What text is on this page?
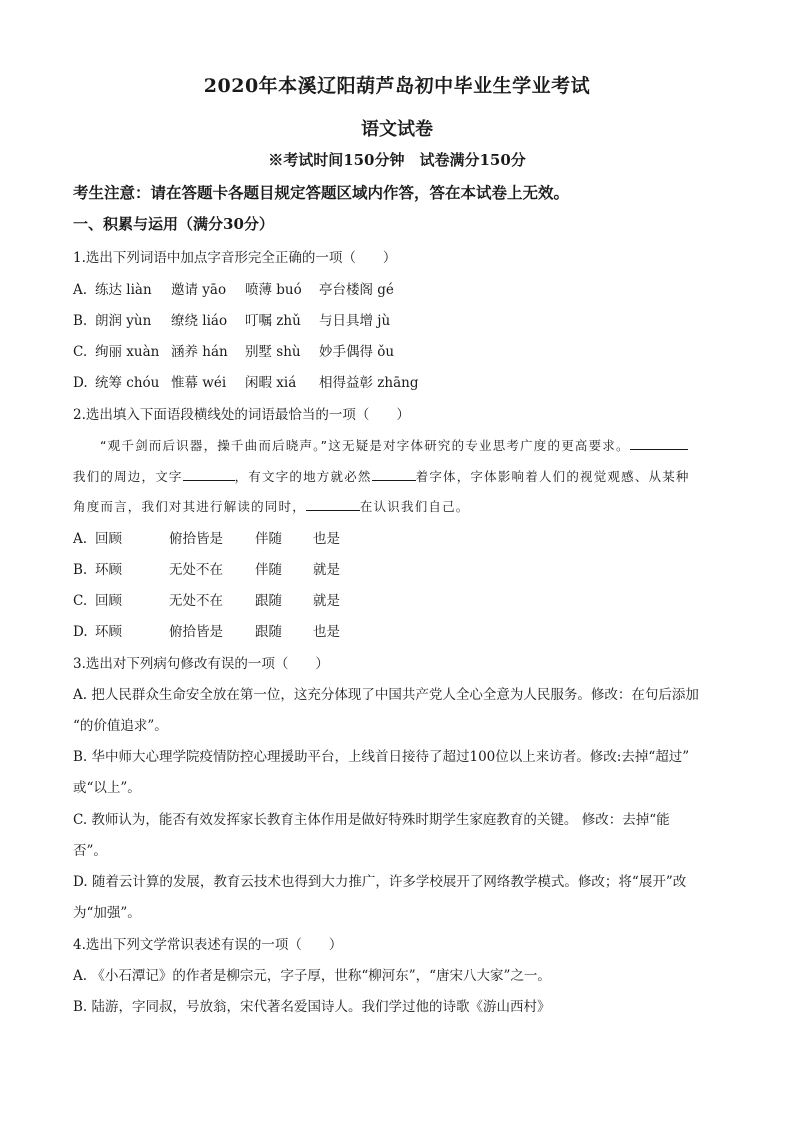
2020年本溪辽阳葫芦岛初中毕业生学业考试
语文试卷
※考试时间150分钟　试卷满分150分
考生注意：请在答题卡各题目规定答题区域内作答，答在本试卷上无效。
一、积累与运用（满分30分）
1.选出下列词语中加点字音形完全正确的一项（　　）
A. 练达 liàn 邀请 yāo 喷薄 buó 亭台楼阁 gé
B. 朗润 yùn 缭绕 liáo 叮嘱 zhǔ 与日具增 jù
C. 绚丽 xuàn 涵养 hán 别墅 shù 妙手偶得 ǒu
D. 统筹 chóu 惟幕 wéi 闲暇 xiá 相得益彰 zhāng
2.选出填入下面语段横线处的词语最恰当的一项（　　）
“观千剑而后识器，操千曲而后晓声。”这无疑是对字体研究的专业思考广度的更高要求。
我们的周边，文字	，有文字的地方就必然	着字体，字体影响着人们的视觉观感、从某种
角度而言，我们对其进行解读的同时，	在认识我们自己。
A. 回顾	俯拾皆是 伴随 也是
B. 环顾	无处不在 伴随 就是
C. 回顾	无处不在 跟随 就是
D. 环顾	俯拾皆是 跟随 也是
3.选出对下列病句修改有误的一项（　　）
A. 把人民群众生命安全放在第一位，这充分体现了中国共产党人全心全意为人民服务。修改：在句后添加
“的价值追求”。
B. 华中师大心理学院疫情防控心理援助平台，上线首日接待了超过100位以上来访者。修改:去掉“超过”
或“以上”。
C. 教师认为，能否有效发挥家长教育主体作用是做好特殊时期学生家庭教育的关键。 修改：去掉“能
否”。
D. 随着云计算的发展，教育云技术也得到大力推广，许多学校展开了网络教学模式。修改；将“展开”改
为“加强”。
4.选出下列文学常识表述有误的一项（　　）
A. 《小石潭记》的作者是柳宗元，字子厚，世称“柳河东”，“唐宋八大家”之一。
B. 陆游，字同叔，号放翁，宋代著名爱国诗人。我们学过他的诗歌《游山西村》
